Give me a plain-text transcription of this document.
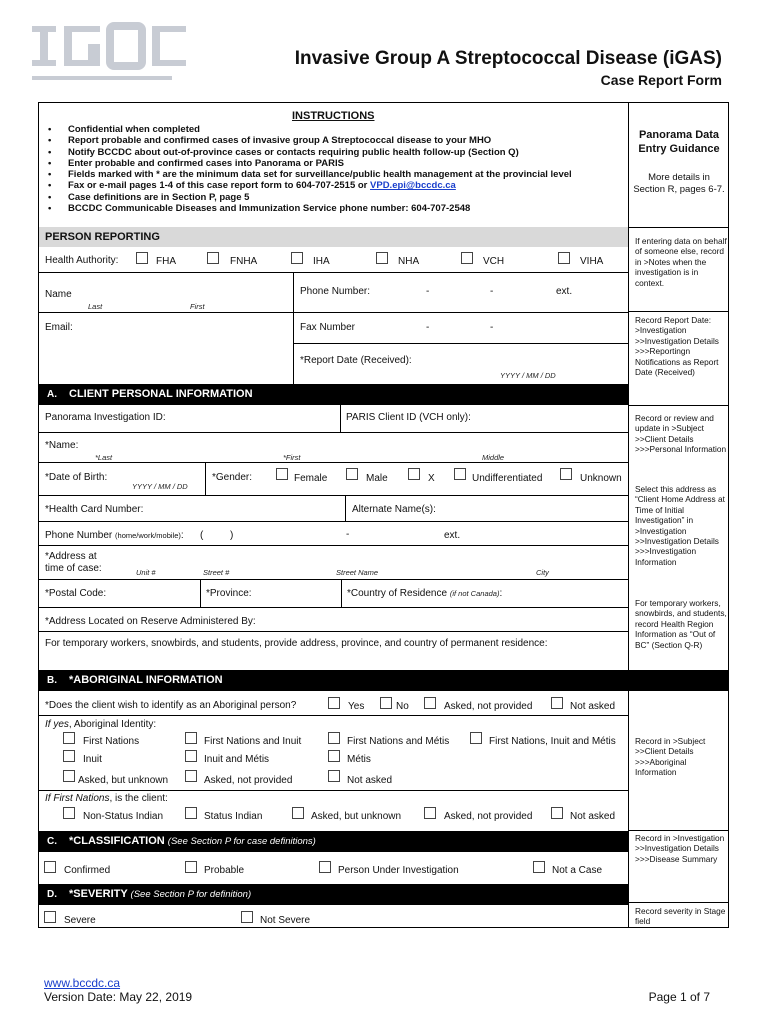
Invasive Group A Streptococcal Disease (iGAS)
Case Report Form
INSTRUCTIONS
• Confidential when completed
• Report probable and confirmed cases of invasive group A Streptococcal disease to your MHO
• Notify BCCDC about out-of-province cases or contacts requiring public health follow-up (Section Q)
• Enter probable and confirmed cases into Panorama or PARIS
• Fields marked with * are the minimum data set for surveillance/public health management at the provincial level
• Fax or e-mail pages 1-4 of this case report form to 604-707-2515 or VPD.epi@bccdc.ca
• Case definitions are in Section P, page 5
• BCCDC Communicable Diseases and Immunization Service phone number: 604-707-2548
Panorama Data Entry Guidance
More details in Section R, pages 6-7.
PERSON REPORTING
Health Authority:	FHA	FNHA	IHA	NHA	VCH	VIHA
Name
Last	First
Phone Number:	-	-	ext.
Email:	Fax Number	-	-
*Report Date (Received):
YYYY / MM / DD
A. CLIENT PERSONAL INFORMATION
Panorama Investigation ID:	PARIS Client ID (VCH only):
*Name:
*Last	*First	Middle
*Date of Birth:
YYYY / MM / DD
*Gender:	Female	Male	X	Undifferentiated	Unknown
*Health Card Number:	Alternate Name(s):
Phone Number (home/work/mobile): (	)	-	ext.
*Address at
time of case:	Unit #	Street #	Street Name	City
*Postal Code:	*Province:	*Country of Residence (if not Canada):
*Address Located on Reserve Administered By:
For temporary workers, snowbirds, and students, provide address, province, and country of permanent residence:
B. *ABORIGINAL INFORMATION
*Does the client wish to identify as an Aboriginal person?	Yes	No	Asked, not provided	Not asked
If yes, Aboriginal Identity:
First Nations	First Nations and Inuit	First Nations and Métis	First Nations, Inuit and Métis
Inuit	Inuit and Métis	Métis
Asked, but unknown	Asked, not provided	Not asked
If First Nations, is the client:
Non-Status Indian	Status Indian	Asked, but unknown	Asked, not provided	Not asked
C. *CLASSIFICATION (See Section P for case definitions)
Confirmed	Probable	Person Under Investigation	Not a Case
D. *SEVERITY (See Section P for definition)
Severe	Not Severe
If entering data on behalf of someone else, record in >Notes when the investigation is in context.
Record Report Date: >Investigation >>Investigation Details >>>Reportingn Notifications as Report Date (Received)
Record or review and update in >Subject >>Client Details >>>Personal Information
Select this address as “Client Home Address at Time of Initial Investigation” in >Investigation >>Investigation Details >>>Investigation Information
For temporary workers, snowbirds, and students, record Health Region Information as “Out of BC” (Section Q-R)
Record in >Subject >>Client Details >>>Aboriginal Information
Record in >Investigation >>Investigation Details >>>Disease Summary
Record severity in Stage field
www.bccdc.ca
Version Date: May 22, 2019	Page 1 of 7
